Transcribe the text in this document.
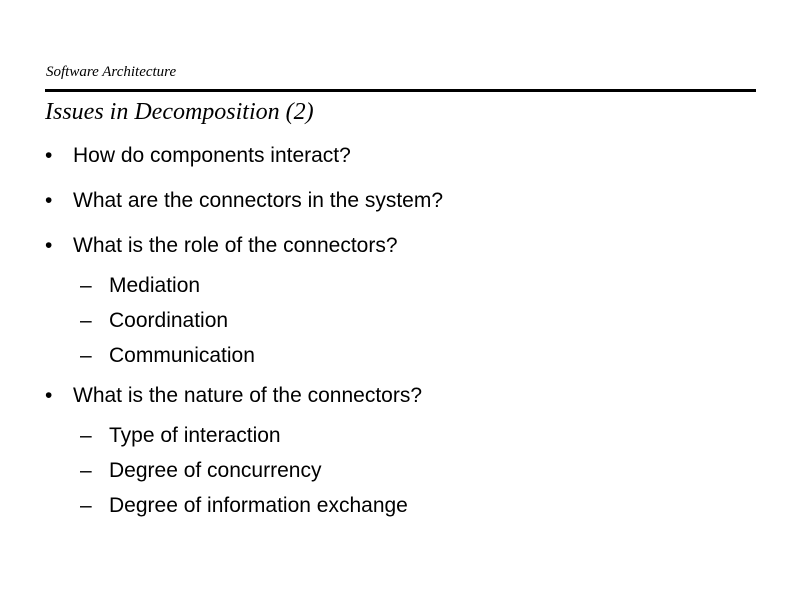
Software Architecture
Issues in Decomposition (2)
• How do components interact?
• What are the connectors in the system?
• What is the role of the connectors?
– Mediation
– Coordination
– Communication
• What is the nature of the connectors?
– Type of interaction
– Degree of concurrency
– Degree of information exchange
